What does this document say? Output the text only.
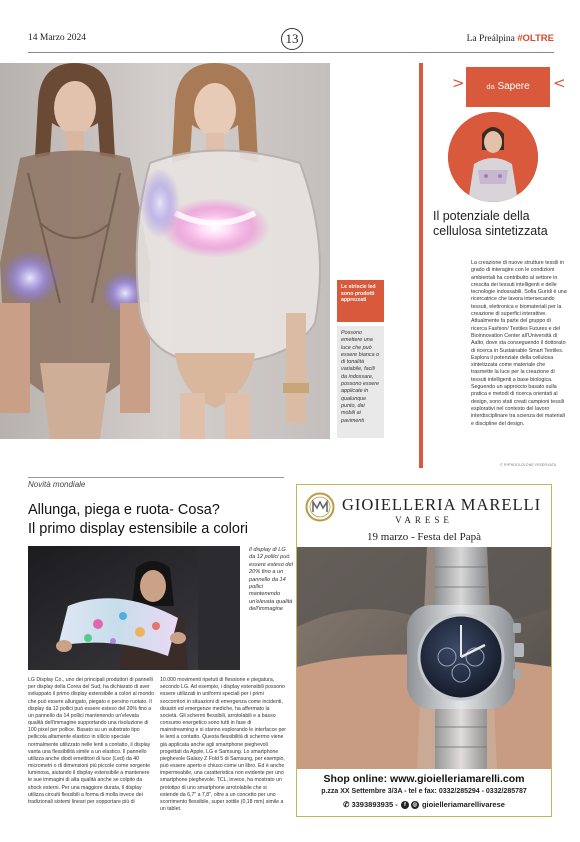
14 Marzo 2024	13	La Preálpina #OLTRE
Le striscie led sono prodotti apprezzati
Possono emettere una luce che può essere bianca o di tonalità variabile, facili da indossare, possono essere applicate in qualunque punto, dai mobili ai pavimenti
>	da Sapere	<
Il potenziale della cellulosa sintetizzata
La creazione di nuove strutture tessili in grado di interagire con le condizioni ambientali ha contribuito al settore in crescita dei tessuti intelligenti e delle tecnologie indossabili. Sofia Guridi è una ricercatrice che lavora intersecando tessuti, elettronica e biomateriali per la creazione di superfici interattive. Attualmente fa parte del gruppo di ricerca Fashion/ Textiles Futures e del Bioinnovation Center all'Università di Aalto, dove sta conseguendo il dottorato di ricerca in Sustainable Smart Textiles. Esplora il potenziale della cellulosa sintetizzata come materiale che trasmette la luce per la creazione di tessuti intelligenti a base biologica. Seguendo un approccio basato sulla pratica e metodi di ricerca orientati al design, sono stati creati campioni tessili esplorativi nel contesto del lavoro interdisciplinare tra scienza dei materiali e discipline del design.
© RIPRODUZIONE RISERVATA
Novità mondiale
Allunga, piega e ruota- Cosa?
Il primo display estensibile a colori
Il display di LG da 12 pollici può essere esteso del 20% fino a un pannello da 14 pollici mantenendo un'elevata qualità dell'immagine
LG Display Co., uno dei principali produttori di pannelli per display della Corea del Sud, ha dichiarato di aver sviluppato il primo display estensibile a colori al mondo che può essere allungato, piegato e persino ruotato. Il display da 12 pollici può essere esteso del 20% fino a un pannello da 14 pollici mantenendo un'elevata qualità dell'immagine supportando una risoluzione di 100 pixel per pollice. Basato su un substrato tipo pellicola altamente elastico in silicio speciale normalmente utilizzato nelle lenti a contatto, il display vanta una flessibilità simile a un elastico. Il pannello utilizza anche diodi emettitori di luce (Led) da 40 micrometri o di dimensioni più piccole come sorgente luminosa, aiutando il display estensibile a mantenere le sue immagini di alta qualità anche se colpito da shock esterni. Per una maggiore durata, il display utilizza circuiti flessibili a forma di molla invece dei tradizionali sistemi lineari per sopportare più di
10.000 movimenti ripetuti di flessione e piegatura, secondo LG. Ad esempio, i display estensibili possono essere utilizzati in uniformi speciali per i primi soccorritori in situazioni di emergenza come incidenti, disastri ed emergenze mediche, ha affermato la società. Gli schermi flessibili, arrotolabili e a basso consumo energetico sono tutti in fase di mainstreaming e si stanno esplorando le interfacce per le lenti a contatto. Questa flessibilità di schermo viene già applicata anche agli smartphone pieghevoli progettati da Apple, LG e Samsung. Lo smartphone pieghevole Galaxy Z Fold 5 di Samsung, per esempio, può essere aperto e chiuso come un libro. Ed è anche impermeabile, una caratteristica non evidente per uno smartphone pieghevole. TCL, invece, ha mostrato un prototipo di uno smartphone arrotolabile che si estende da 6,7" a 7,8", oltre a un concetto per uno scorrimento flessibile, super sottile (0,18 mm) simile a un tablet.
GIOIELLERIA MARELLI
VARESE
19 marzo - Festa del Papà
Shop online: www.gioielleriamarelli.com
p.zza XX Settembre 3/3A - tel e fax: 0332/285294 - 0332/285787
✆ 3393893935 - f ◎ gioielleriamarellivarese
